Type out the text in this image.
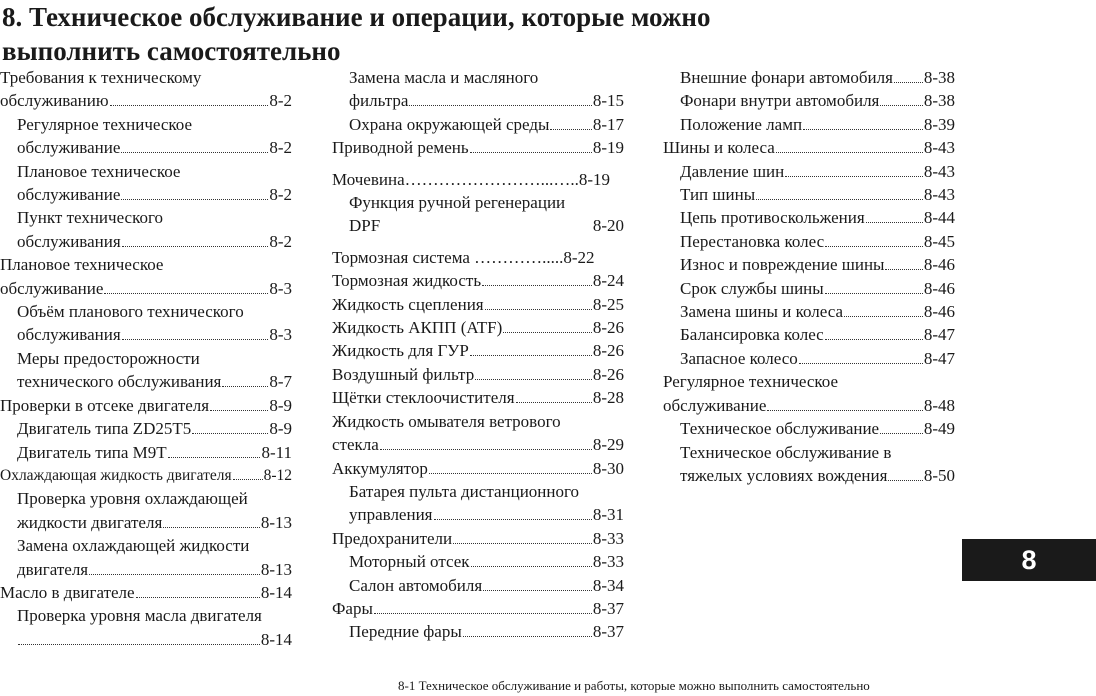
8. Техническое обслуживание и операции, которые можно
выполнить самостоятельно
Требования к техническому
обслуживанию	8-2
Регулярное техническое
обслуживание	8-2
Плановое техническое
обслуживание	8-2
Пункт технического
обслуживания	8-2
Плановое техническое
обслуживание	8-3
Объём планового технического
обслуживания	8-3
Меры предосторожности
технического обслуживания	8-7
Проверки в отсеке двигателя	8-9
Двигатель типа ZD25T5	8-9
Двигатель типа M9T	8-11
Охлаждающая жидкость двигателя 8-12
Проверка уровня охлаждающей
жидкости двигателя	8-13
Замена охлаждающей жидкости
двигателя	8-13
Масло в двигателе	8-14
Проверка уровня масла двигателя
8-14
Замена масла и масляного
фильтра	8-15
Охрана окружающей среды	8-17
Приводной ремень	8-19
Мочевина……………………...…..8-19
Функция ручной регенерации
DPF	8-20
Тормозная система ………….....8-22
Тормозная жидкость	8-24
Жидкость сцепления	8-25
Жидкость АКПП (ATF)	8-26
Жидкость для ГУР	8-26
Воздушный фильтр	8-26
Щётки стеклоочистителя	8-28
Жидкость омывателя ветрового
стекла	8-29
Аккумулятор	8-30
Батарея пульта дистанционного
управления	8-31
Предохранители	8-33
Моторный отсек	8-33
Салон автомобиля	8-34
Фары	8-37
Передние фары	8-37
Внешние фонари автомобиля 8-38
Фонари внутри автомобиля	8-38
Положение ламп	8-39
Шины и колеса	8-43
Давление шин	8-43
Тип шины	8-43
Цепь противоскольжения	8-44
Перестановка колес	8-45
Износ и повреждение шины 8-46
Срок службы шины	8-46
Замена шины и колеса	8-46
Балансировка колес	8-47
Запасное колесо	8-47
Регулярное техническое
обслуживание	8-48
Техническое обслуживание	8-49
Техническое обслуживание в
тяжелых условиях вождения 8-50
8
8-1 Техническое обслуживание и работы, которые можно выполнить самостоятельно
